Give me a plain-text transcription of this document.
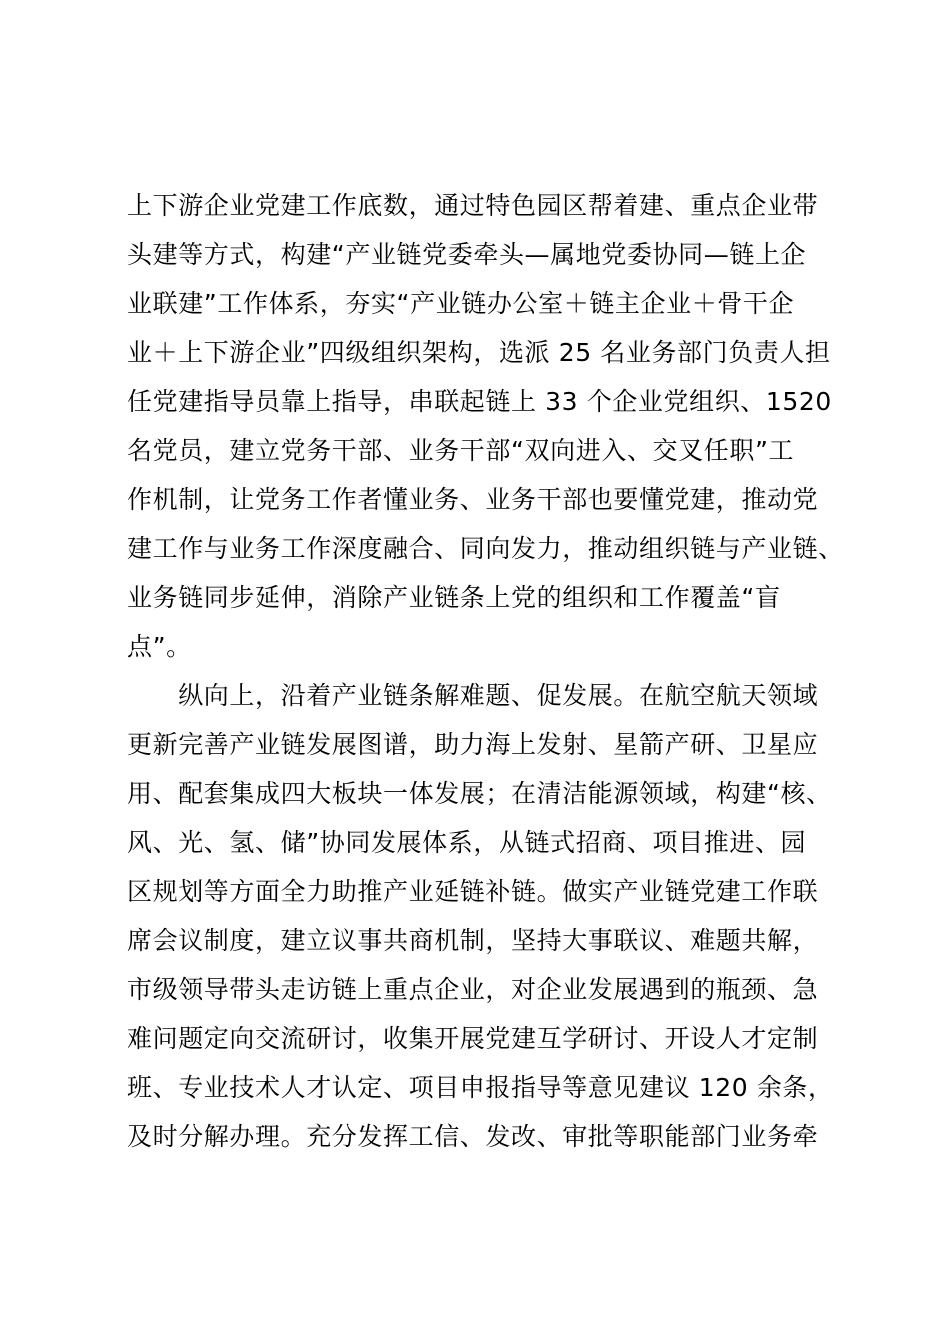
上下游企业党建工作底数，通过特色园区帮着建、重点企业带
头建等方式，构建“产业链党委牵头—属地党委协同—链上企
业联建”工作体系，夯实“产业链办公室＋链主企业＋骨干企
业＋上下游企业”四级组织架构，选派 25 名业务部门负责人担
任党建指导员靠上指导，串联起链上 33 个企业党组织、1520
名党员，建立党务干部、业务干部“双向进入、交叉任职”工
作机制，让党务工作者懂业务、业务干部也要懂党建，推动党
建工作与业务工作深度融合、同向发力，推动组织链与产业链、
业务链同步延伸，消除产业链条上党的组织和工作覆盖“盲
点”。
　　纵向上，沿着产业链条解难题、促发展。在航空航天领域
更新完善产业链发展图谱，助力海上发射、星箭产研、卫星应
用、配套集成四大板块一体发展；在清洁能源领域，构建“核、
风、光、氢、储”协同发展体系，从链式招商、项目推进、园
区规划等方面全力助推产业延链补链。做实产业链党建工作联
席会议制度，建立议事共商机制，坚持大事联议、难题共解，
市级领导带头走访链上重点企业，对企业发展遇到的瓶颈、急
难问题定向交流研讨，收集开展党建互学研讨、开设人才定制
班、专业技术人才认定、项目申报指导等意见建议 120 余条，
及时分解办理。充分发挥工信、发改、审批等职能部门业务牵
